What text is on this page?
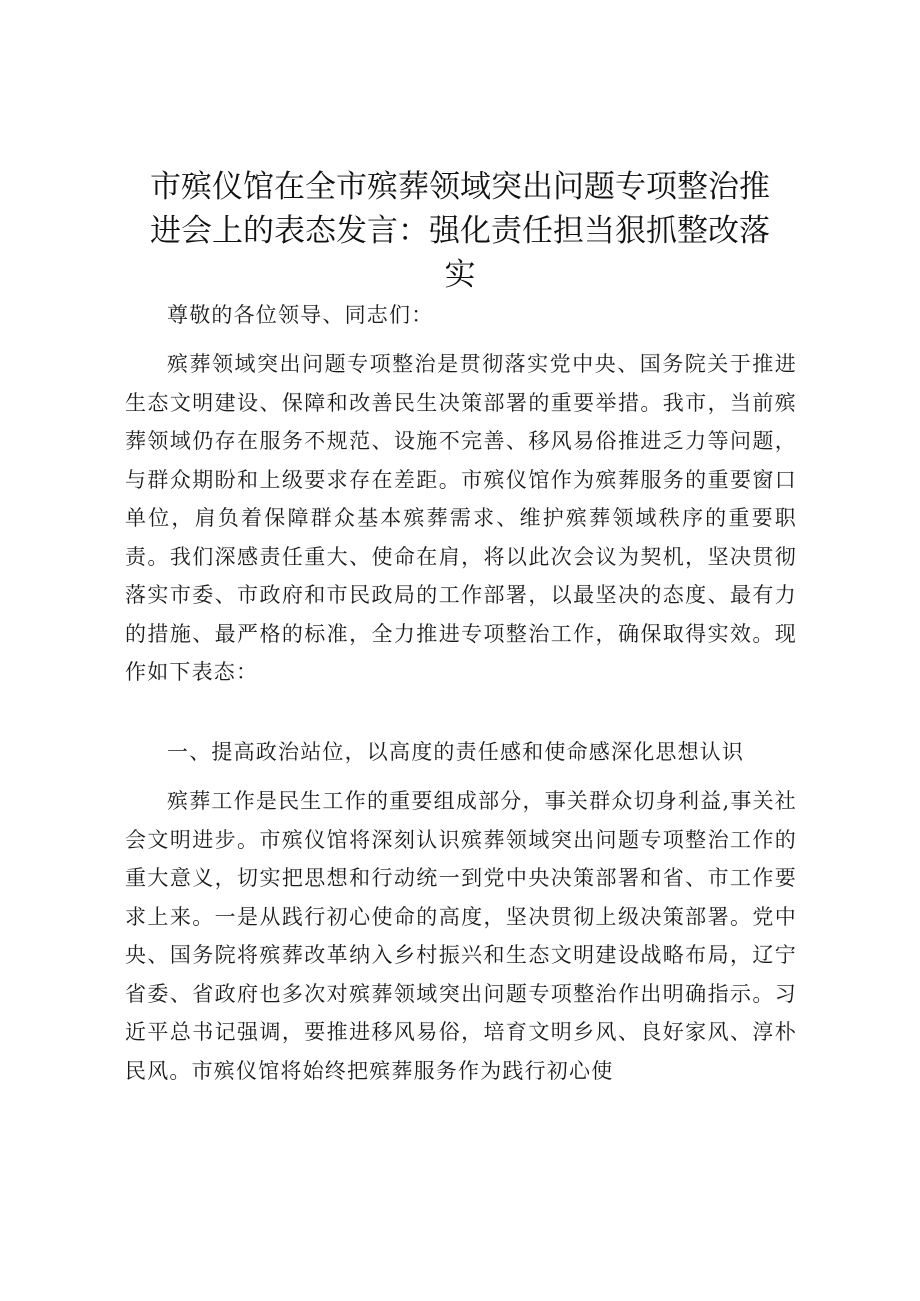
市殡仪馆在全市殡葬领域突出问题专项整治推进会上的表态发言：强化责任担当狠抓整改落实

尊敬的各位领导、同志们：

殡葬领域突出问题专项整治是贯彻落实党中央、国务院关于推进生态文明建设、保障和改善民生决策部署的重要举措。我市，当前殡葬领域仍存在服务不规范、设施不完善、移风易俗推进乏力等问题，与群众期盼和上级要求存在差距。市殡仪馆作为殡葬服务的重要窗口单位，肩负着保障群众基本殡葬需求、维护殡葬领域秩序的重要职责。我们深感责任重大、使命在肩，将以此次会议为契机，坚决贯彻落实市委、市政府和市民政局的工作部署，以最坚决的态度、最有力的措施、最严格的标准，全力推进专项整治工作，确保取得实效。现作如下表态：

一、提高政治站位，以高度的责任感和使命感深化思想认识

殡葬工作是民生工作的重要组成部分，事关群众切身利益,事关社会文明进步。市殡仪馆将深刻认识殡葬领域突出问题专项整治工作的重大意义，切实把思想和行动统一到党中央决策部署和省、市工作要求上来。一是从践行初心使命的高度，坚决贯彻上级决策部署。党中央、国务院将殡葬改革纳入乡村振兴和生态文明建设战略布局，辽宁省委、省政府也多次对殡葬领域突出问题专项整治作出明确指示。习近平总书记强调，要推进移风易俗，培育文明乡风、良好家风、淳朴民风。市殡仪馆将始终把殡葬服务作为践行初心使
